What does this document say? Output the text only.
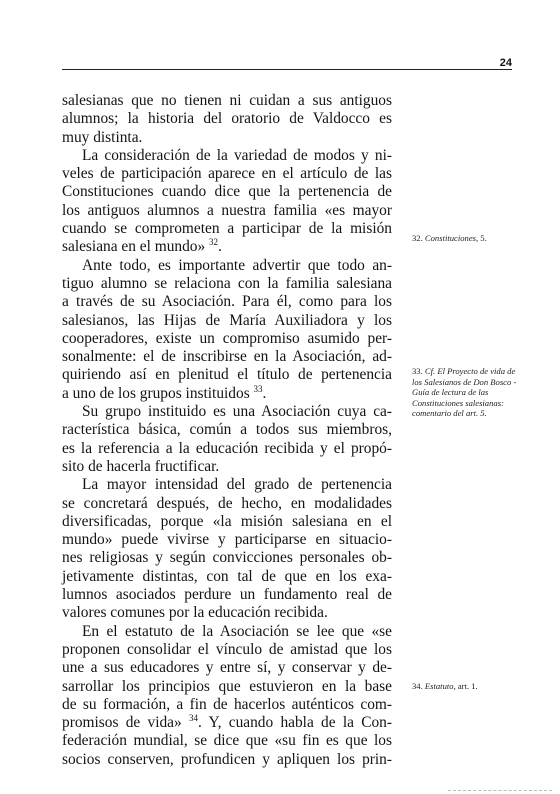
24
salesianas que no tienen ni cuidan a sus antiguos
alumnos; la historia del oratorio de Valdocco es
muy distinta.
La consideración de la variedad de modos y ni-
veles de participación aparece en el artículo de las
Constituciones cuando dice que la pertenencia de
los antiguos alumnos a nuestra familia «es mayor
cuando se comprometen a participar de la misión
salesiana en el mundo» $^{32}$.
Ante todo, es importante advertir que todo an-
tiguo alumno se relaciona con la familia salesiana
a través de su Asociación. Para él, como para los
salesianos, las Hijas de María Auxiliadora y los
cooperadores, existe un compromiso asumido per-
sonalmente: el de inscribirse en la Asociación, ad-
quiriendo así en plenitud el título de pertenencia
a uno de los grupos instituidos $^{33}$.
Su grupo instituido es una Asociación cuya ca-
racterística básica, común a todos sus miembros,
es la referencia a la educación recibida y el propó-
sito de hacerla fructificar.
La mayor intensidad del grado de pertenencia
se concretará después, de hecho, en modalidades
diversificadas, porque «la misión salesiana en el
mundo» puede vivirse y participarse en situacio-
nes religiosas y según convicciones personales ob-
jetivamente distintas, con tal de que en los exa-
lumnos asociados perdure un fundamento real de
valores comunes por la educación recibida.
En el estatuto de la Asociación se lee que «se
proponen consolidar el vínculo de amistad que los
une a sus educadores y entre sí, y conservar y de-
sarrollar los principios que estuvieron en la base
de su formación, a fin de hacerlos auténticos com-
promisos de vida» $^{34}$. Y, cuando habla de la Con-
federación mundial, se dice que «su fin es que los
socios conserven, profundicen y apliquen los prin-
32. Constituciones, 5.
33. Cf. El Proyecto de vida de los Salesianos de Don Bosco - Guía de lectura de las Constituciones salesianas: comentario del art. 5.
34. Estatuto, art. 1.
